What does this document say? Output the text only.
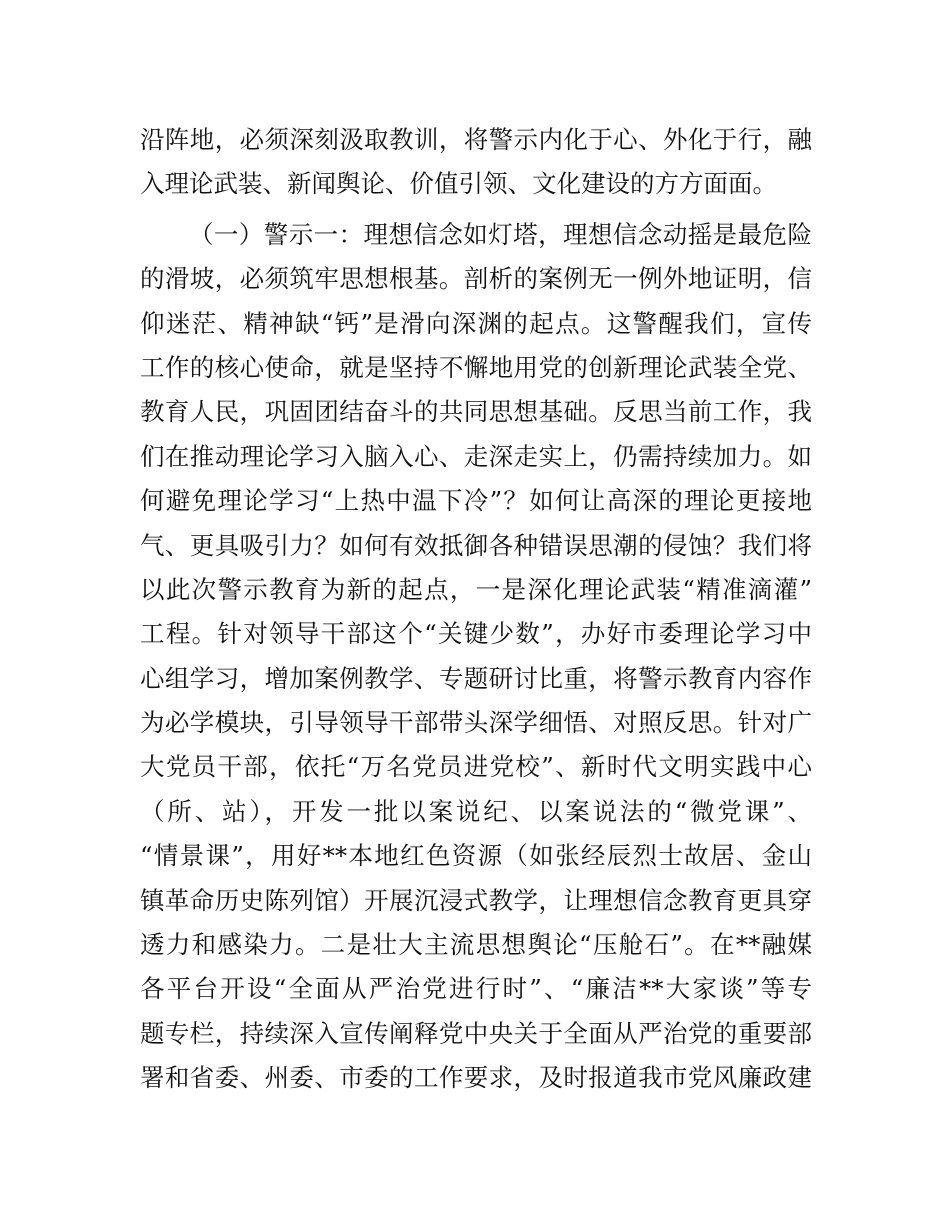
沿阵地，必须深刻汲取教训，将警示内化于心、外化于行，融
入理论武装、新闻舆论、价值引领、文化建设的方方面面。
（一）警示一：理想信念如灯塔，理想信念动摇是最危险
的滑坡，必须筑牢思想根基。剖析的案例无一例外地证明，信
仰迷茫、精神缺“钙”是滑向深渊的起点。这警醒我们，宣传
工作的核心使命，就是坚持不懈地用党的创新理论武装全党、
教育人民，巩固团结奋斗的共同思想基础。反思当前工作，我
们在推动理论学习入脑入心、走深走实上，仍需持续加力。如
何避免理论学习“上热中温下冷”？如何让高深的理论更接地
气、更具吸引力？如何有效抵御各种错误思潮的侵蚀？我们将
以此次警示教育为新的起点，一是深化理论武装“精准滴灌”
工程。针对领导干部这个“关键少数”，办好市委理论学习中
心组学习，增加案例教学、专题研讨比重，将警示教育内容作
为必学模块，引导领导干部带头深学细悟、对照反思。针对广
大党员干部，依托“万名党员进党校”、新时代文明实践中心
（所、站），开发一批以案说纪、以案说法的“微党课”、
“情景课”，用好**本地红色资源（如张经辰烈士故居、金山
镇革命历史陈列馆）开展沉浸式教学，让理想信念教育更具穿
透力和感染力。二是壮大主流思想舆论“压舱石”。在**融媒
各平台开设“全面从严治党进行时”、“廉洁**大家谈”等专
题专栏，持续深入宣传阐释党中央关于全面从严治党的重要部
署和省委、州委、市委的工作要求，及时报道我市党风廉政建
